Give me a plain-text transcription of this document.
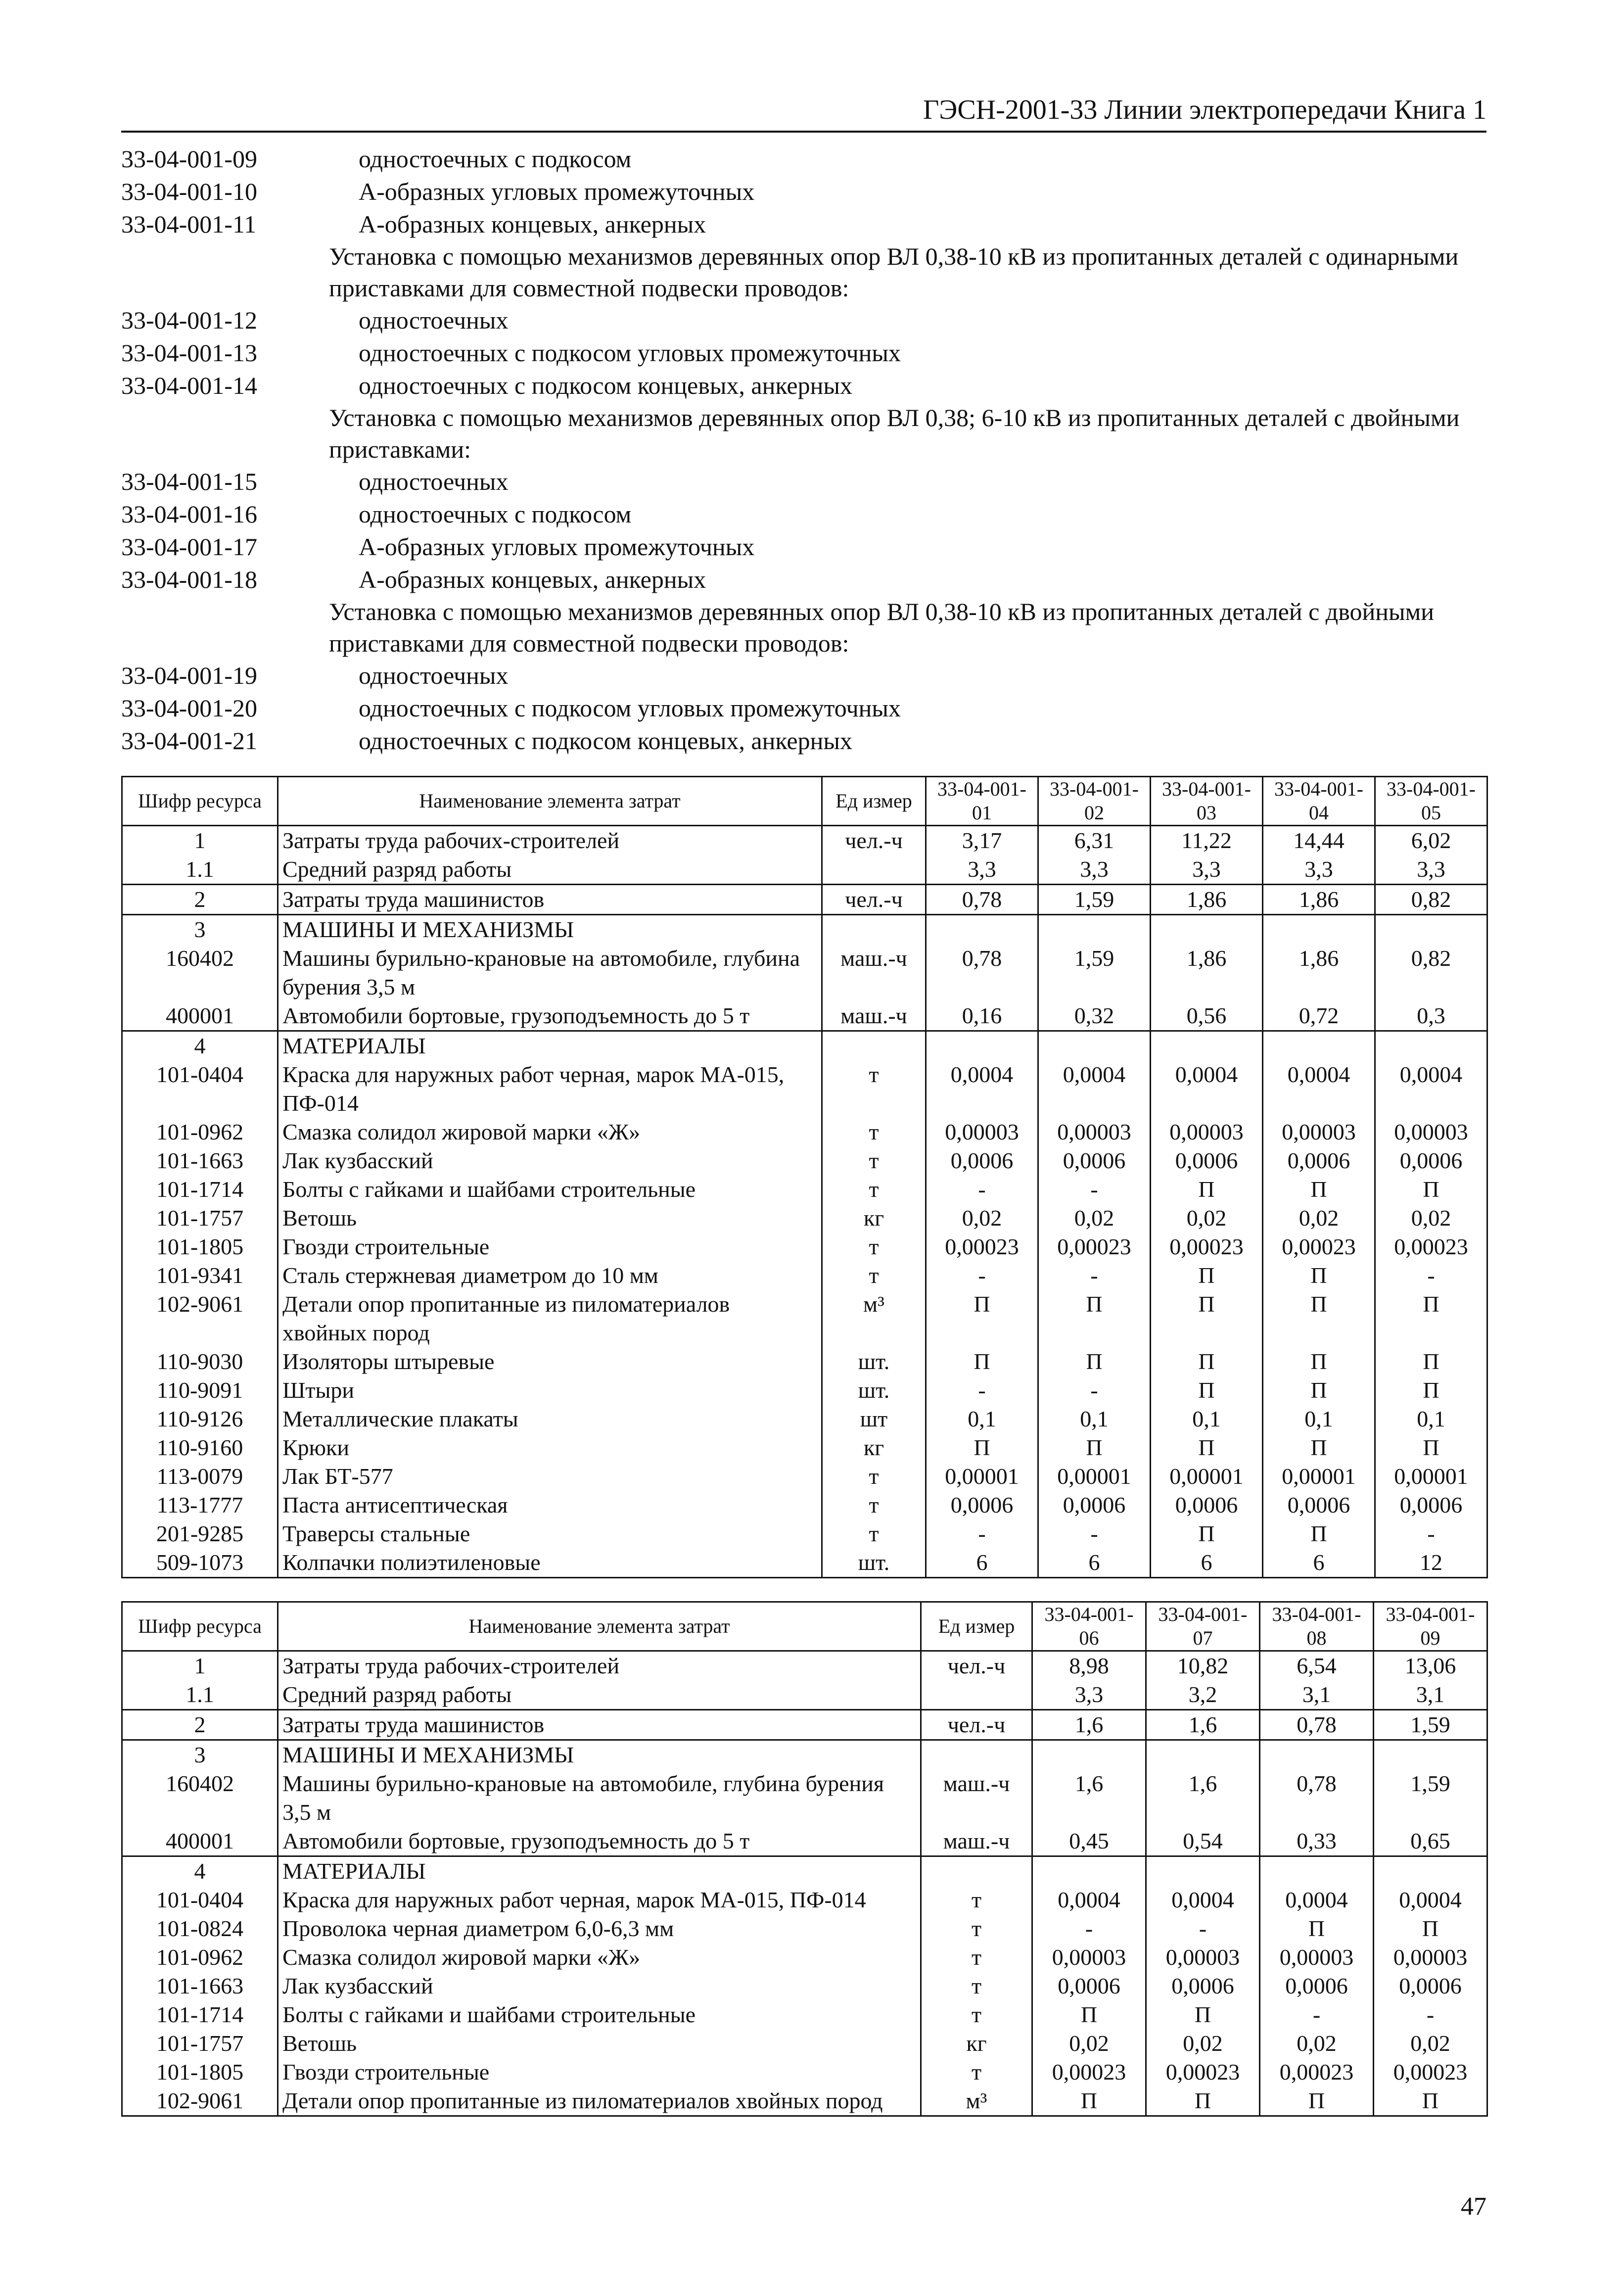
ГЭСН-2001-33 Линии электропередачи Книга 1
33-04-001-09	одностоечных с подкосом
33-04-001-10	А-образных угловых промежуточных
33-04-001-11	А-образных концевых, анкерных
Установка с помощью механизмов деревянных опор ВЛ 0,38-10 кВ из пропитанных деталей с одинарными приставками для совместной подвески проводов:
33-04-001-12	одностоечных
33-04-001-13	одностоечных с подкосом угловых промежуточных
33-04-001-14	одностоечных с подкосом концевых, анкерных
Установка с помощью механизмов деревянных опор ВЛ 0,38; 6-10 кВ из пропитанных деталей с двойными приставками:
33-04-001-15	одностоечных
33-04-001-16	одностоечных с подкосом
33-04-001-17	А-образных угловых промежуточных
33-04-001-18	А-образных концевых, анкерных
Установка с помощью механизмов деревянных опор ВЛ 0,38-10 кВ из пропитанных деталей с двойными приставками для совместной подвески проводов:
33-04-001-19	одностоечных
33-04-001-20	одностоечных с подкосом угловых промежуточных
33-04-001-21	одностоечных с подкосом концевых, анкерных
Шифр ресурса	Наименование элемента затрат	Ед измер	33-04-001-01	33-04-001-02	33-04-001-03	33-04-001-04	33-04-001-05
1	Затраты труда рабочих-строителей	чел.-ч	3,17	6,31	11,22	14,44	6,02
1.1	Средний разряд работы		3,3	3,3	3,3	3,3	3,3
2	Затраты труда машинистов	чел.-ч	0,78	1,59	1,86	1,86	0,82
3	МАШИНЫ И МЕХАНИЗМЫ						
160402	Машины бурильно-крановые на автомобиле, глубина бурения 3,5 м	маш.-ч	0,78	1,59	1,86	1,86	0,82
400001	Автомобили бортовые, грузоподъемность до 5 т	маш.-ч	0,16	0,32	0,56	0,72	0,3
4	МАТЕРИАЛЫ						
101-0404	Краска для наружных работ черная, марок МА-015, ПФ-014	т	0,0004	0,0004	0,0004	0,0004	0,0004
101-0962	Смазка солидол жировой марки «Ж»	т	0,00003	0,00003	0,00003	0,00003	0,00003
101-1663	Лак кузбасский	т	0,0006	0,0006	0,0006	0,0006	0,0006
101-1714	Болты с гайками и шайбами строительные	т	-	-	П	П	П
101-1757	Ветошь	кг	0,02	0,02	0,02	0,02	0,02
101-1805	Гвозди строительные	т	0,00023	0,00023	0,00023	0,00023	0,00023
101-9341	Сталь стержневая диаметром до 10 мм	т	-	-	П	П	-
102-9061	Детали опор пропитанные из пиломатериалов хвойных пород	м³	П	П	П	П	П
110-9030	Изоляторы штыревые	шт.	П	П	П	П	П
110-9091	Штыри	шт.	-	-	П	П	П
110-9126	Металлические плакаты	шт	0,1	0,1	0,1	0,1	0,1
110-9160	Крюки	кг	П	П	П	П	П
113-0079	Лак БТ-577	т	0,00001	0,00001	0,00001	0,00001	0,00001
113-1777	Паста антисептическая	т	0,0006	0,0006	0,0006	0,0006	0,0006
201-9285	Траверсы стальные	т	-	-	П	П	-
509-1073	Колпачки полиэтиленовые	шт.	6	6	6	6	12
Шифр ресурса	Наименование элемента затрат	Ед измер	33-04-001-06	33-04-001-07	33-04-001-08	33-04-001-09
1	Затраты труда рабочих-строителей	чел.-ч	8,98	10,82	6,54	13,06
1.1	Средний разряд работы		3,3	3,2	3,1	3,1
2	Затраты труда машинистов	чел.-ч	1,6	1,6	0,78	1,59
3	МАШИНЫ И МЕХАНИЗМЫ					
160402	Машины бурильно-крановые на автомобиле, глубина бурения 3,5 м	маш.-ч	1,6	1,6	0,78	1,59
400001	Автомобили бортовые, грузоподъемность до 5 т	маш.-ч	0,45	0,54	0,33	0,65
4	МАТЕРИАЛЫ					
101-0404	Краска для наружных работ черная, марок МА-015, ПФ-014	т	0,0004	0,0004	0,0004	0,0004
101-0824	Проволока черная диаметром 6,0-6,3 мм	т	-	-	П	П
101-0962	Смазка солидол жировой марки «Ж»	т	0,00003	0,00003	0,00003	0,00003
101-1663	Лак кузбасский	т	0,0006	0,0006	0,0006	0,0006
101-1714	Болты с гайками и шайбами строительные	т	П	П	-	-
101-1757	Ветошь	кг	0,02	0,02	0,02	0,02
101-1805	Гвозди строительные	т	0,00023	0,00023	0,00023	0,00023
102-9061	Детали опор пропитанные из пиломатериалов хвойных пород	м³	П	П	П	П
47
